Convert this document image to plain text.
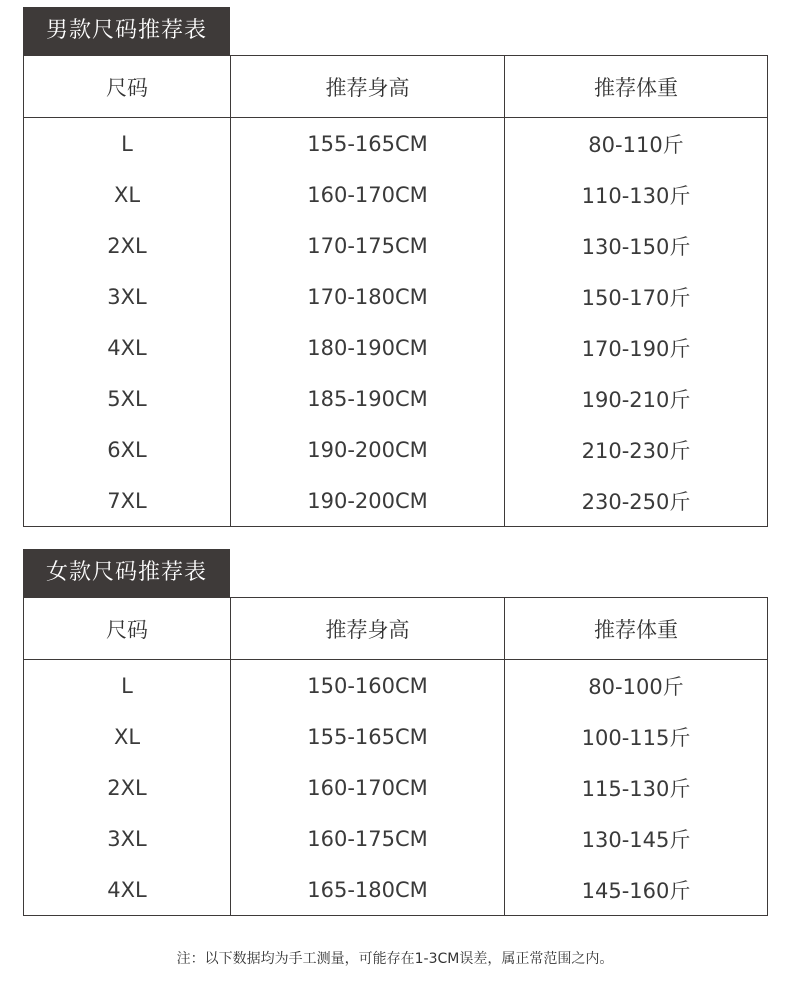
男款尺码推荐表
尺码	推荐身高	推荐体重
L	155-165CM	80-110斤
XL	160-170CM	110-130斤
2XL	170-175CM	130-150斤
3XL	170-180CM	150-170斤
4XL	180-190CM	170-190斤
5XL	185-190CM	190-210斤
6XL	190-200CM	210-230斤
7XL	190-200CM	230-250斤
女款尺码推荐表
尺码	推荐身高	推荐体重
L	150-160CM	80-100斤
XL	155-165CM	100-115斤
2XL	160-170CM	115-130斤
3XL	160-175CM	130-145斤
4XL	165-180CM	145-160斤
注：以下数据均为手工测量，可能存在1-3CM误差，属正常范围之内。
